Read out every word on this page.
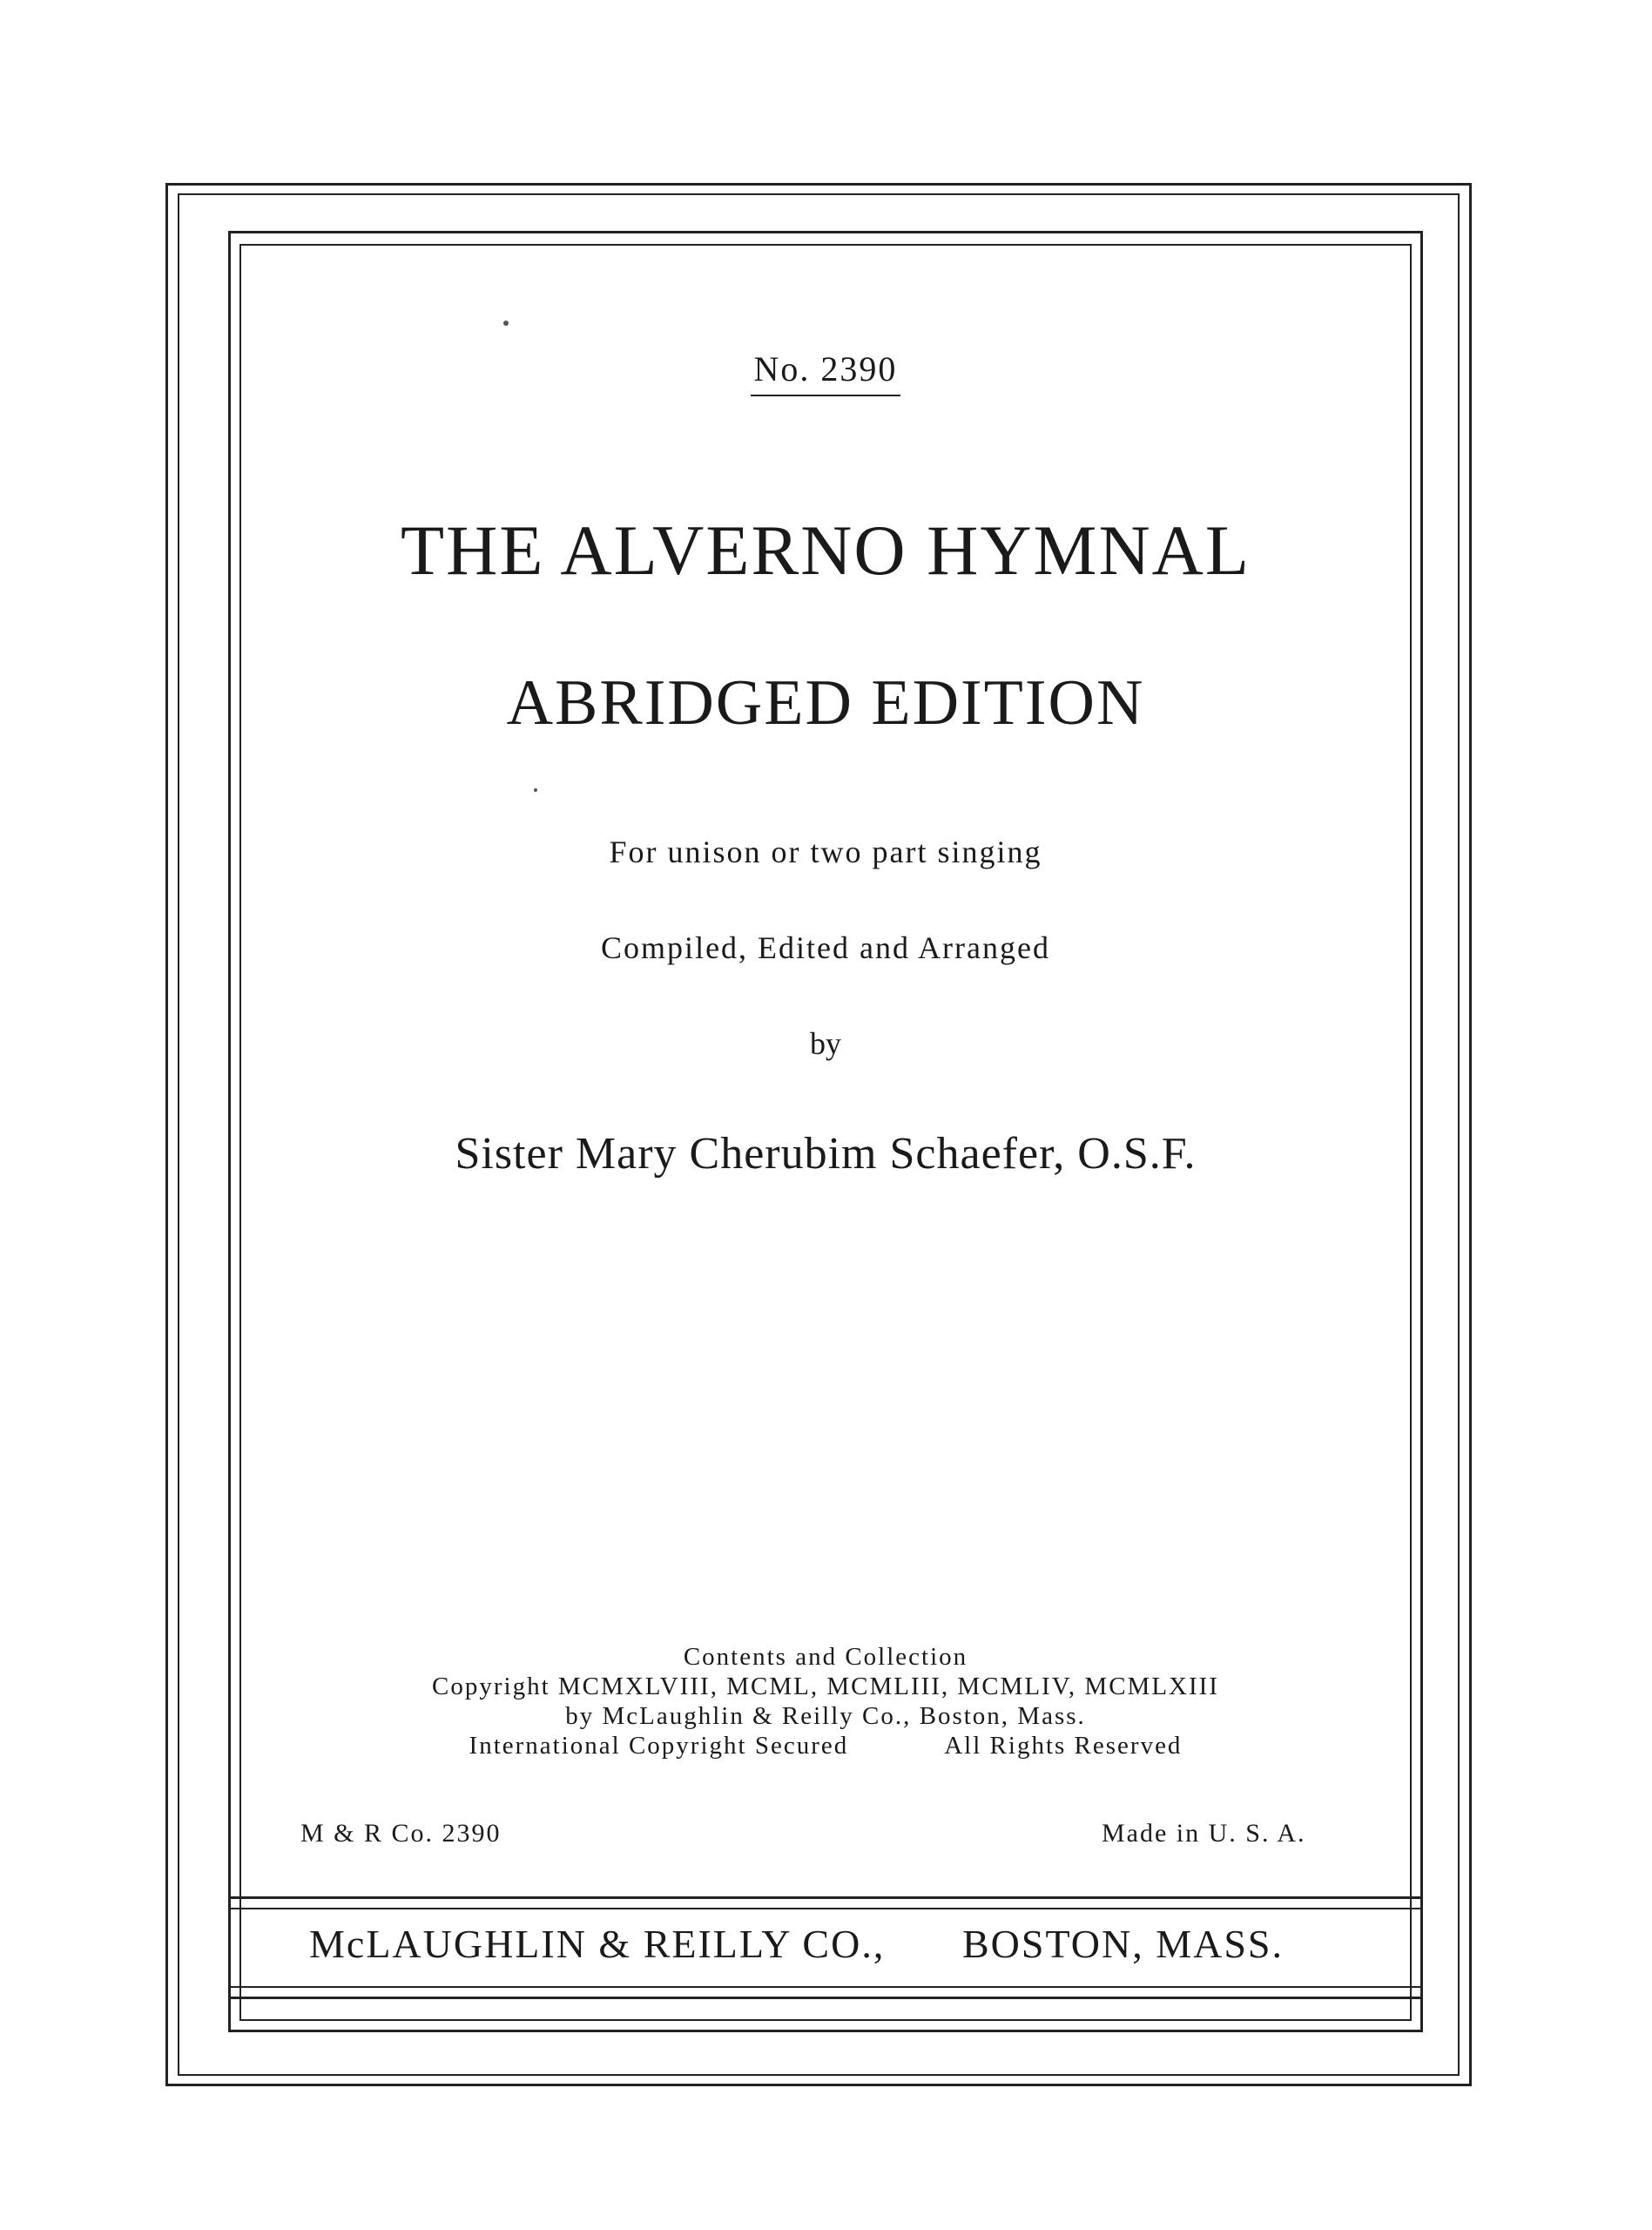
No. 2390
THE ALVERNO HYMNAL
ABRIDGED EDITION
For unison or two part singing
Compiled, Edited and Arranged
by
Sister Mary Cherubim Schaefer, O.S.F.
Contents and Collection
Copyright MCMXLVIII, MCML, MCMLIII, MCMLIV, MCMLXIII
by McLaughlin & Reilly Co., Boston, Mass.
International Copyright Secured	All Rights Reserved
M & R Co. 2390	Made in U. S. A.
McLAUGHLIN & REILLY CO., BOSTON, MASS.
